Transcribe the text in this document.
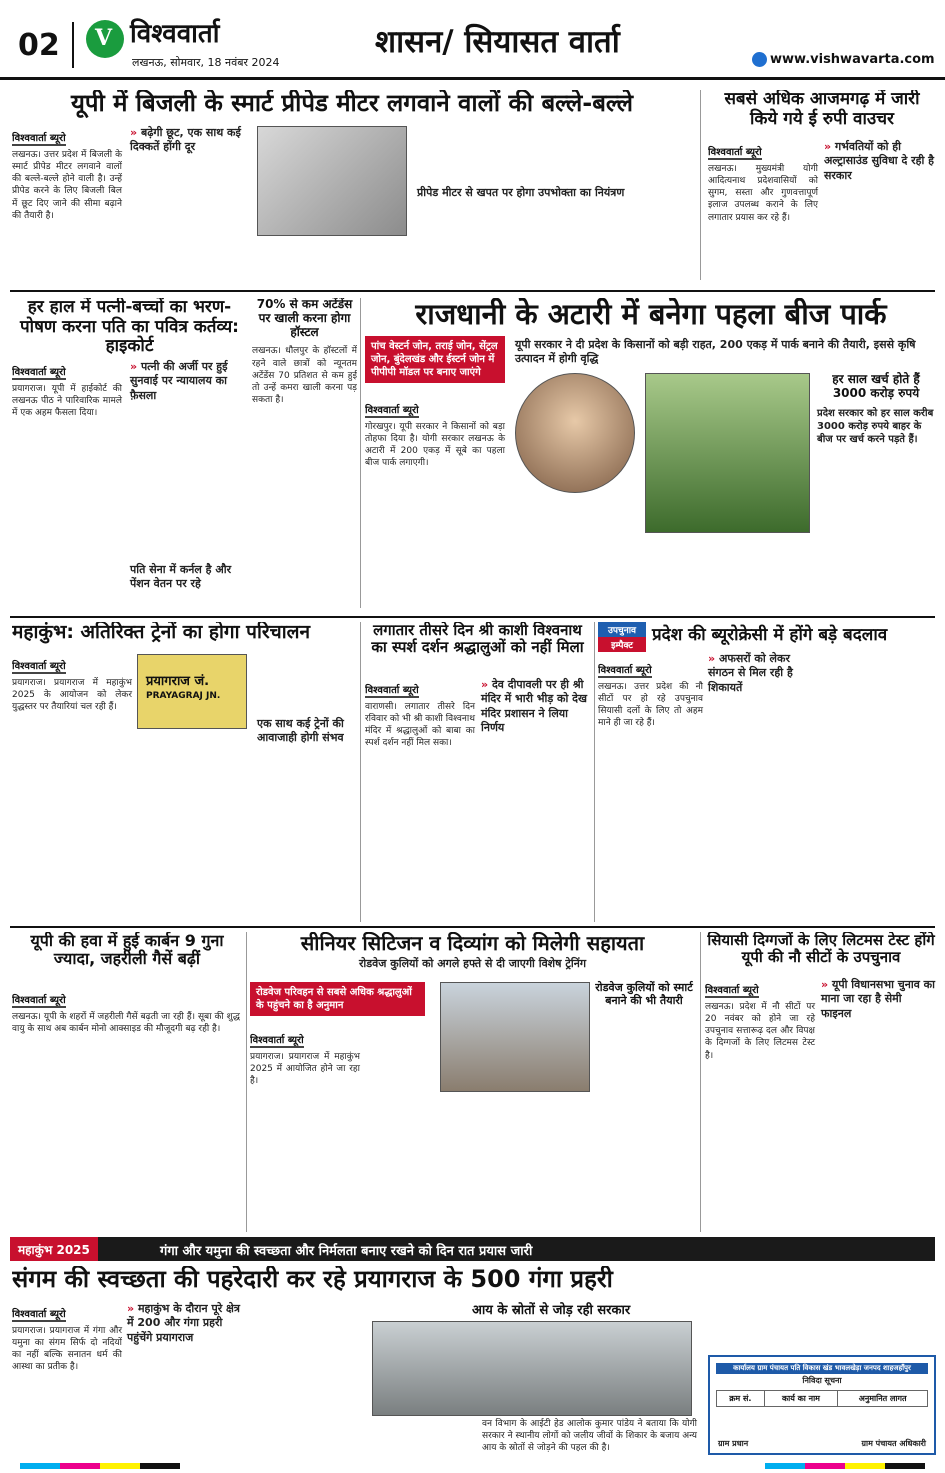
02
V	विश्ववार्ता
लखनऊ, सोमवार, 18 नवंबर 2024
शासन/ सियासत वार्ता	www.vishwavarta.com
यूपी में बिजली के स्मार्ट प्रीपेड मीटर लगवाने वालों की बल्ले-बल्ले
विश्ववार्ता ब्यूरो
लखनऊ। उत्तर प्रदेश में बिजली के स्मार्ट प्रीपेड मीटर लगवाने वालों की बल्ले-बल्ले होने वाली है। उन्हें प्रीपेड करने के लिए बिजली बिल में छूट दिए जाने की सीमा बढ़ाने की तैयारी है।
» बढ़ेगी छूट, एक साथ कई दिक्कतें होंगी दूर
प्रीपेड मीटर से खपत पर होगा उपभोक्ता का नियंत्रण
सबसे अधिक आजमगढ़ में जारी किये गये ई रुपी वाउचर
विश्ववार्ता ब्यूरो
लखनऊ। मुख्यमंत्री योगी आदित्यनाथ प्रदेशवासियों को सुगम, सस्ता और गुणवत्तापूर्ण इलाज उपलब्ध कराने के लिए लगातार प्रयास कर रहे हैं।
» गर्भवतियों को ही अल्ट्रासाउंड सुविधा दे रही है सरकार
हर हाल में पत्नी-बच्चों का भरण-पोषण करना पति का पवित्र कर्तव्य: हाइकोर्ट
विश्ववार्ता ब्यूरो
प्रयागराज। यूपी में हाईकोर्ट की लखनऊ पीठ ने पारिवारिक मामले में एक अहम फैसला दिया।
» पत्नी की अर्जी पर हुई सुनवाई पर न्यायालय का फ़ैसला
पति सेना में कर्नल है और पेंशन वेतन पर रहे
70% से कम अटेंडेंस पर खाली करना होगा हॉस्टल
लखनऊ। धौलपुर के हॉस्टलों में रहने वाले छात्रों को न्यूनतम अटेंडेंस 70 प्रतिशत से कम हुई तो उन्हें कमरा खाली करना पड़ सकता है।
राजधानी के अटारी में बनेगा पहला बीज पार्क
यूपी सरकार ने दी प्रदेश के किसानों को बड़ी राहत, 200 एकड़ में पार्क बनाने की तैयारी, इससे कृषि उत्पादन में होगी वृद्धि
पांच वेस्टर्न जोन, तराई जोन, सेंट्रल जोन, बुंदेलखंड और ईस्टर्न जोन में पीपीपी मॉडल पर बनाए जाएंगे
विश्ववार्ता ब्यूरो
गोरखपुर। यूपी सरकार ने किसानों को बड़ा तोहफा दिया है। योगी सरकार लखनऊ के अटारी में 200 एकड़ में सूबे का पहला बीज पार्क लगाएगी।
हर साल खर्च होते हैं 3000 करोड़ रुपये
प्रदेश सरकार को हर साल करीब 3000 करोड़ रुपये बाहर के बीज पर खर्च करने पड़ते हैं।
महाकुंभ: अतिरिक्त ट्रेनों का होगा परिचालन
विश्ववार्ता ब्यूरो
प्रयागराज। प्रयागराज में महाकुंभ 2025 के आयोजन को लेकर युद्धस्तर पर तैयारियां चल रही हैं।
प्रयागराज जं.
PRAYAGRAJ JN.
एक साथ कई ट्रेनों की आवाजाही होगी संभव
लगातार तीसरे दिन श्री काशी विश्वनाथ का स्पर्श दर्शन श्रद्धालुओं को नहीं मिला
विश्ववार्ता ब्यूरो
वाराणसी। लगातार तीसरे दिन रविवार को भी श्री काशी विश्वनाथ मंदिर में श्रद्धालुओं को बाबा का स्पर्श दर्शन नहीं मिल सका।
» देव दीपावली पर ही श्री मंदिर में भारी भीड़ को देख मंदिर प्रशासन ने लिया निर्णय
उपचुनाव
इम्पैक्ट
प्रदेश की ब्यूरोक्रेसी में होंगे बड़े बदलाव
» अफसरों को लेकर संगठन से मिल रही है शिकायतें
विश्ववार्ता ब्यूरो
लखनऊ। उत्तर प्रदेश की नौ सीटों पर हो रहे उपचुनाव सियासी दलों के लिए तो अहम माने ही जा रहे हैं।
यूपी की हवा में हुई कार्बन 9 गुना ज्यादा, जहरीली गैसें बढ़ीं
विश्ववार्ता ब्यूरो
लखनऊ। यूपी के शहरों में जहरीली गैसें बढ़ती जा रही हैं। सूबा की शुद्ध वायु के साथ अब कार्बन मोनो आक्साइड की मौजूदगी बढ़ रही है।
सीनियर सिटिजन व दिव्यांग को मिलेगी सहायता
रोडवेज कुलियों को अगले हफ्ते से दी जाएगी विशेष ट्रेनिंग
रोडवेज परिवहन से सबसे अधिक श्रद्धालुओं के पहुंचने का है अनुमान
विश्ववार्ता ब्यूरो
प्रयागराज। प्रयागराज में महाकुंभ 2025 में आयोजित होने जा रहा है।
रोडवेज कुलियों को स्मार्ट बनाने की भी तैयारी
सियासी दिग्गजों के लिए लिटमस टेस्ट होंगे यूपी की नौ सीटों के उपचुनाव
» यूपी विधानसभा चुनाव का माना जा रहा है सेमी फाइनल
विश्ववार्ता ब्यूरो
लखनऊ। प्रदेश में नौ सीटों पर 20 नवंबर को होने जा रहे उपचुनाव सत्तारूढ़ दल और विपक्ष के दिग्गजों के लिए लिटमस टेस्ट है।
महाकुंभ 2025	गंगा और यमुना की स्वच्छता और निर्मलता बनाए रखने को दिन रात प्रयास जारी
संगम की स्वच्छता की पहरेदारी कर रहे प्रयागराज के 500 गंगा प्रहरी
विश्ववार्ता ब्यूरो
प्रयागराज। प्रयागराज में गंगा और यमुना का संगम सिर्फ दो नदियों का नहीं बल्कि सनातन धर्म की आस्था का प्रतीक है।
» महाकुंभ के दौरान पूरे क्षेत्र में 200 और गंगा प्रहरी पहुंचेंगे प्रयागराज
आय के स्रोतों से जोड़ रही सरकार
वन विभाग के आईटी हेड आलोक कुमार पांडेय ने बताया कि योगी सरकार ने स्थानीय लोगों को जलीय जीवों के शिकार के बजाय अन्य आय के स्रोतों से जोड़ने की पहल की है।
कार्यालय ग्राम पंचायत पति विकास खंड भावलखेड़ा जनपद शाहजहाँपुर
निविदा सूचना
क्रम सं.	कार्य का नाम	अनुमानित लागत
ग्राम प्रधान	ग्राम पंचायत अधिकारी
